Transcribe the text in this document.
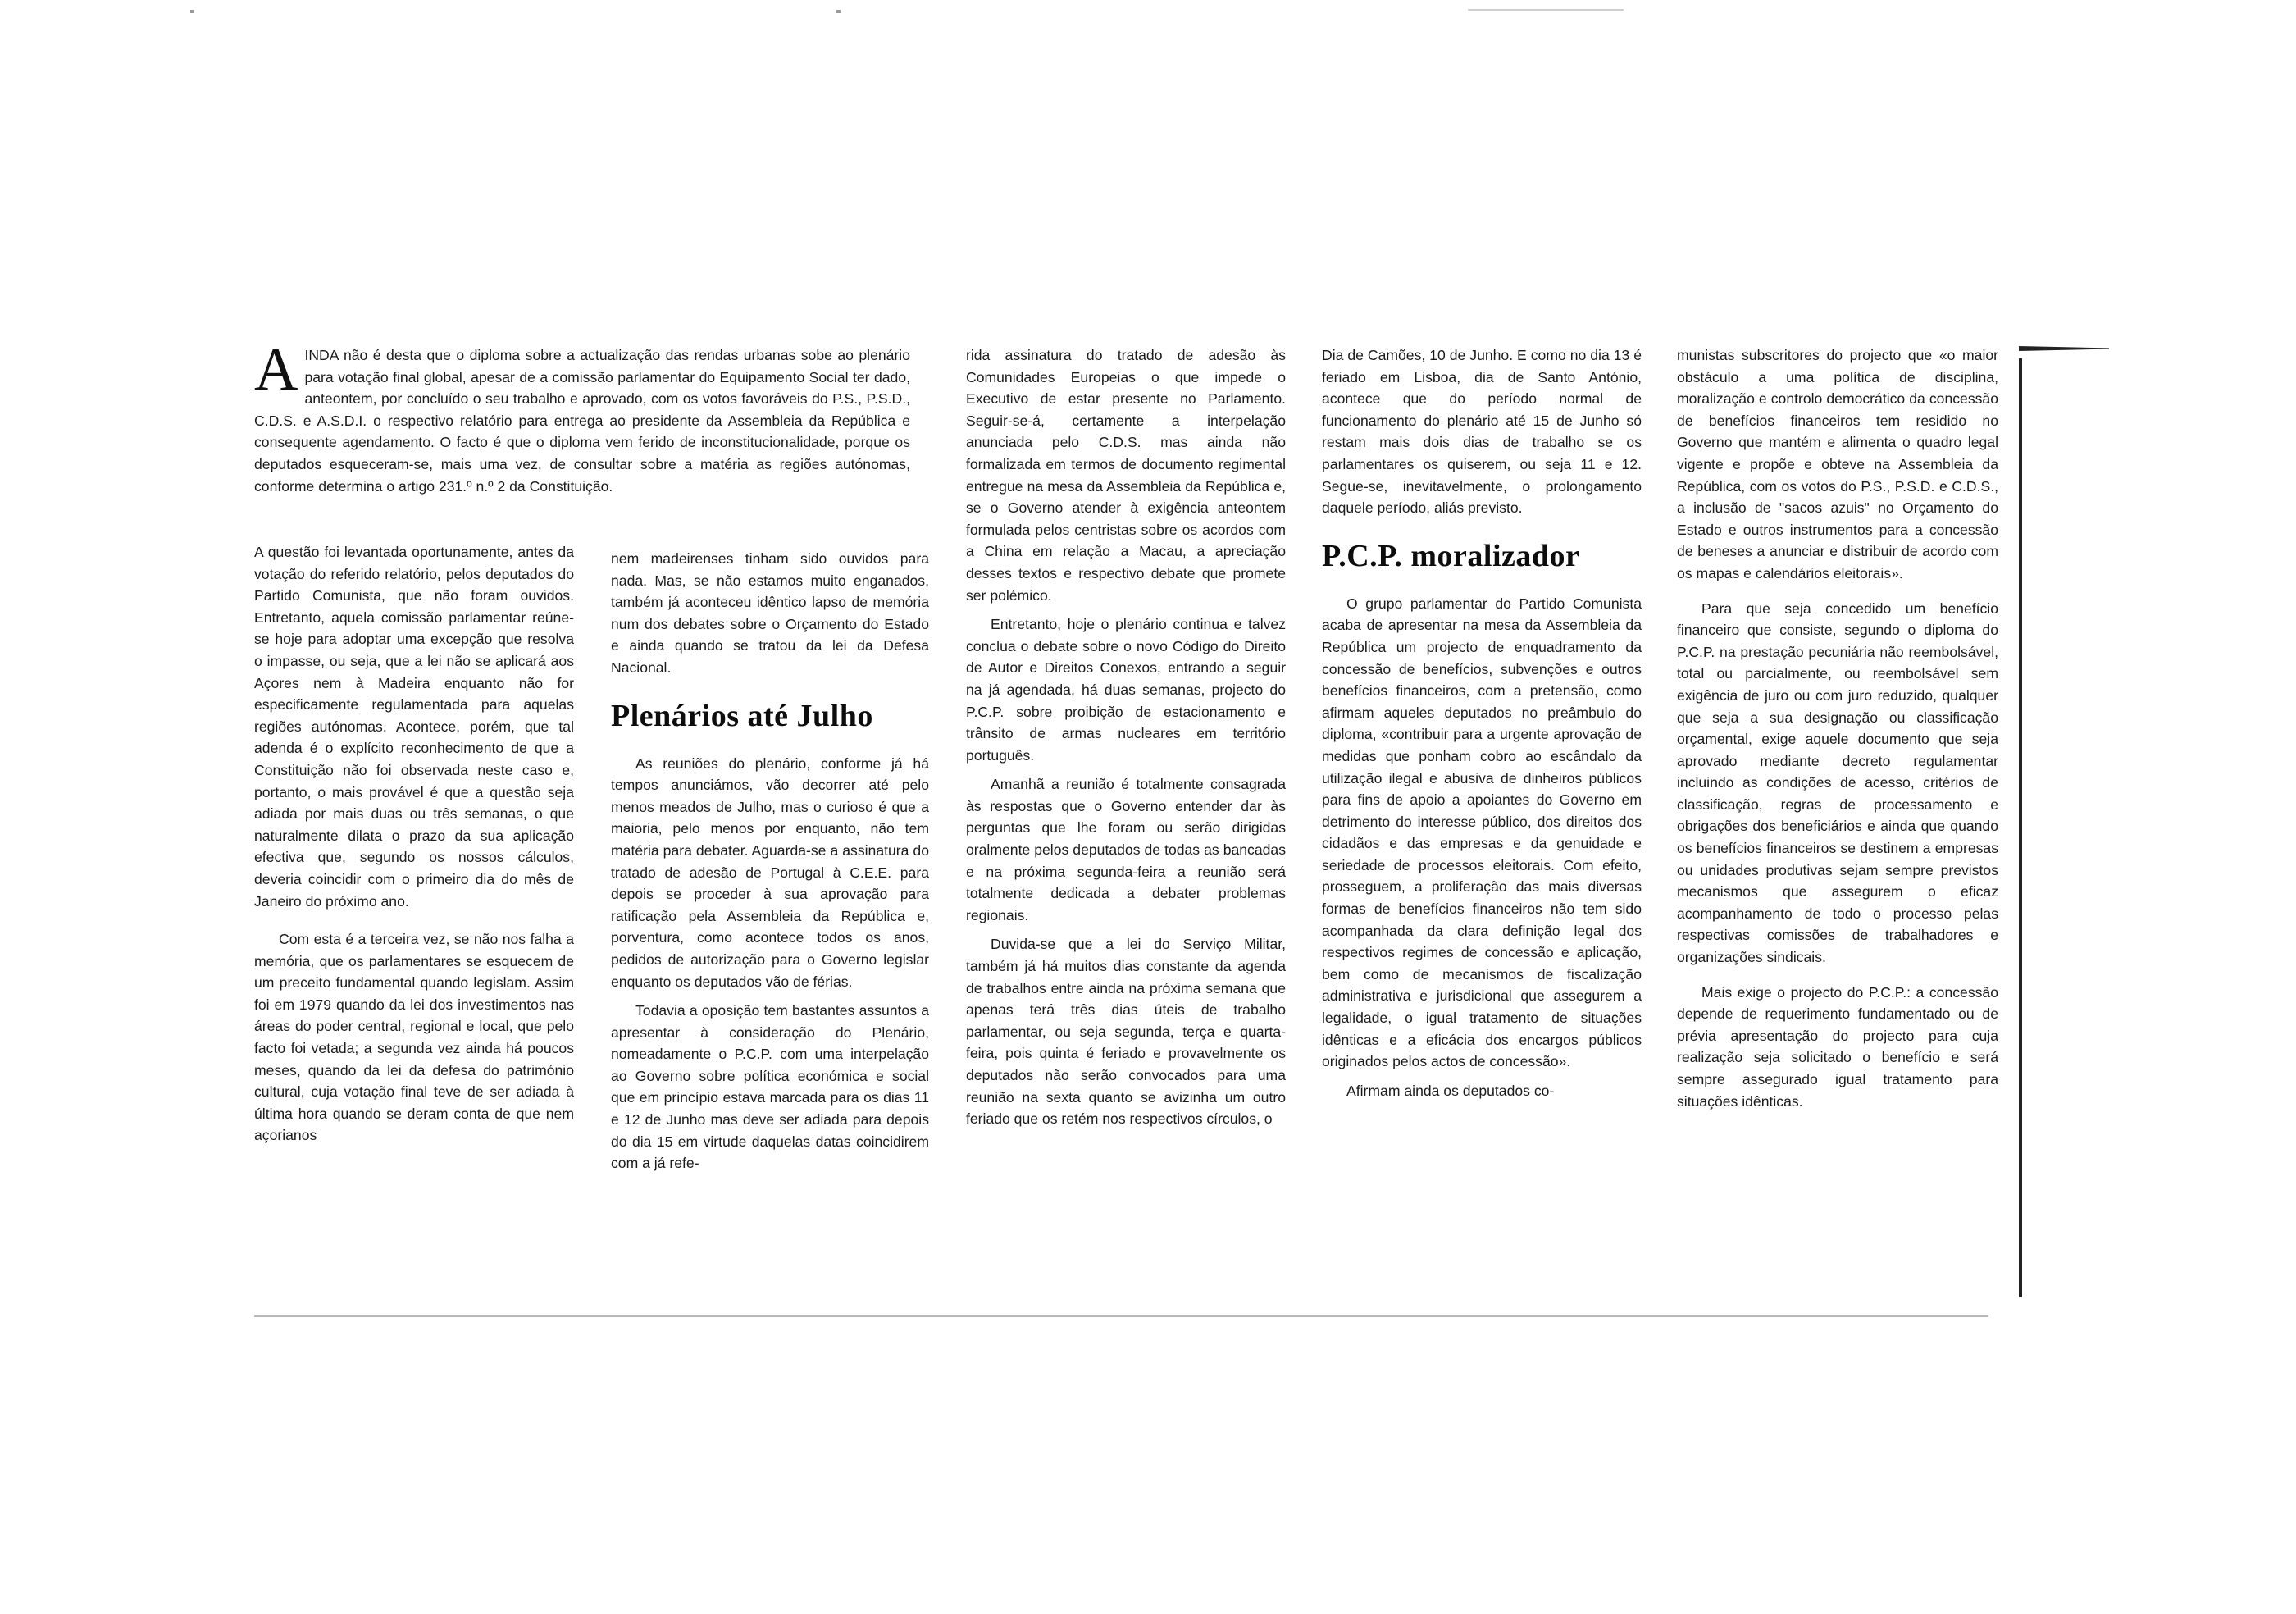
A INDA não é desta que o diploma sobre a actualização das rendas urbanas sobe ao plenário para votação final global, apesar de a comissão parlamentar do Equipamento Social ter dado, anteontem, por concluído o seu trabalho e aprovado, com os votos favoráveis do P.S., P.S.D., C.D.S. e A.S.D.I. o respectivo relatório para entrega ao presidente da Assembleia da República e consequente agendamento. O facto é que o diploma vem ferido de inconstitucionalidade, porque os deputados esqueceram-se, mais uma vez, de consultar sobre a matéria as regiões autónomas, conforme determina o artigo 231.º n.º 2 da Constituição.

A questão foi levantada oportunamente, antes da votação do referido relatório, pelos deputados do Partido Comunista, que não foram ouvidos. Entretanto, aquela comissão parlamentar reúne-se hoje para adoptar uma excepção que resolva o impasse, ou seja, que a lei não se aplicará aos Açores nem à Madeira enquanto não for especificamente regulamentada para aquelas regiões autónomas. Acontece, porém, que tal adenda é o explícito reconhecimento de que a Constituição não foi observada neste caso e, portanto, o mais provável é que a questão seja adiada por mais duas ou três semanas, o que naturalmente dilata o prazo da sua aplicação efectiva que, segundo os nossos cálculos, deveria coincidir com o primeiro dia do mês de Janeiro do próximo ano.

Com esta é a terceira vez, se não nos falha a memória, que os parlamentares se esquecem de um preceito fundamental quando legislam. Assim foi em 1979 quando da lei dos investimentos nas áreas do poder central, regional e local, que pelo facto foi vetada; a segunda vez ainda há poucos meses, quando da lei da defesa do património cultural, cuja votação final teve de ser adiada à última hora quando se deram conta de que nem açorianos

nem madeirenses tinham sido ouvidos para nada. Mas, se não estamos muito enganados, também já aconteceu idêntico lapso de memória num dos debates sobre o Orçamento do Estado e ainda quando se tratou da lei da Defesa Nacional.

Plenários até Julho

As reuniões do plenário, conforme já há tempos anunciámos, vão decorrer até pelo menos meados de Julho, mas o curioso é que a maioria, pelo menos por enquanto, não tem matéria para debater. Aguarda-se a assinatura do tratado de adesão de Portugal à C.E.E. para depois se proceder à sua aprovação para ratificação pela Assembleia da República e, porventura, como acontece todos os anos, pedidos de autorização para o Governo legislar enquanto os deputados vão de férias.

Todavia a oposição tem bastantes assuntos a apresentar à consideração do Plenário, nomeadamente o P.C.P. com uma interpelação ao Governo sobre política económica e social que em princípio estava marcada para os dias 11 e 12 de Junho mas deve ser adiada para depois do dia 15 em virtude daquelas datas coincidirem com a já refe-

rida assinatura do tratado de adesão às Comunidades Europeias o que impede o Executivo de estar presente no Parlamento. Seguir-se-á, certamente a interpelação anunciada pelo C.D.S. mas ainda não formalizada em termos de documento regimental entregue na mesa da Assembleia da República e, se o Governo atender à exigência anteontem formulada pelos centristas sobre os acordos com a China em relação a Macau, a apreciação desses textos e respectivo debate que promete ser polémico.

Entretanto, hoje o plenário continua e talvez conclua o debate sobre o novo Código do Direito de Autor e Direitos Conexos, entrando a seguir na já agendada, há duas semanas, projecto do P.C.P. sobre proibição de estacionamento e trânsito de armas nucleares em território português.

Amanhã a reunião é totalmente consagrada às respostas que o Governo entender dar às perguntas que lhe foram ou serão dirigidas oralmente pelos deputados de todas as bancadas e na próxima segunda-feira a reunião será totalmente dedicada a debater problemas regionais.

Duvida-se que a lei do Serviço Militar, também já há muitos dias constante da agenda de trabalhos entre ainda na próxima semana que apenas terá três dias úteis de trabalho parlamentar, ou seja segunda, terça e quarta-feira, pois quinta é feriado e provavelmente os deputados não serão convocados para uma reunião na sexta quanto se avizinha um outro feriado que os retém nos respectivos círculos, o

Dia de Camões, 10 de Junho. E como no dia 13 é feriado em Lisboa, dia de Santo António, acontece que do período normal de funcionamento do plenário até 15 de Junho só restam mais dois dias de trabalho se os parlamentares os quiserem, ou seja 11 e 12. Segue-se, inevitavelmente, o prolongamento daquele período, aliás previsto.

P.C.P. moralizador

O grupo parlamentar do Partido Comunista acaba de apresentar na mesa da Assembleia da República um projecto de enquadramento da concessão de benefícios, subvenções e outros benefícios financeiros, com a pretensão, como afirmam aqueles deputados no preâmbulo do diploma, «contribuir para a urgente aprovação de medidas que ponham cobro ao escândalo da utilização ilegal e abusiva de dinheiros públicos para fins de apoio a apoiantes do Governo em detrimento do interesse público, dos direitos dos cidadãos e das empresas e da genuidade e seriedade de processos eleitorais. Com efeito, prosseguem, a proliferação das mais diversas formas de benefícios financeiros não tem sido acompanhada da clara definição legal dos respectivos regimes de concessão e aplicação, bem como de mecanismos de fiscalização administrativa e jurisdicional que assegurem a legalidade, o igual tratamento de situações idênticas e a eficácia dos encargos públicos originados pelos actos de concessão».

Afirmam ainda os deputados co-

munistas subscritores do projecto que «o maior obstáculo a uma política de disciplina, moralização e controlo democrático da concessão de benefícios financeiros tem residido no Governo que mantém e alimenta o quadro legal vigente e propõe e obteve na Assembleia da República, com os votos do P.S., P.S.D. e C.D.S., a inclusão de "sacos azuis" no Orçamento do Estado e outros instrumentos para a concessão de beneses a anunciar e distribuir de acordo com os mapas e calendários eleitorais».

Para que seja concedido um benefício financeiro que consiste, segundo o diploma do P.C.P. na prestação pecuniária não reembolsável, total ou parcialmente, ou reembolsável sem exigência de juro ou com juro reduzido, qualquer que seja a sua designação ou classificação orçamental, exige aquele documento que seja aprovado mediante decreto regulamentar incluindo as condições de acesso, critérios de classificação, regras de processamento e obrigações dos beneficiários e ainda que quando os benefícios financeiros se destinem a empresas ou unidades produtivas sejam sempre previstos mecanismos que assegurem o eficaz acompanhamento de todo o processo pelas respectivas comissões de trabalhadores e organizações sindicais.

Mais exige o projecto do P.C.P.: a concessão depende de requerimento fundamentado ou de prévia apresentação do projecto para cuja realização seja solicitado o benefício e será sempre assegurado igual tratamento para situações idênticas.
